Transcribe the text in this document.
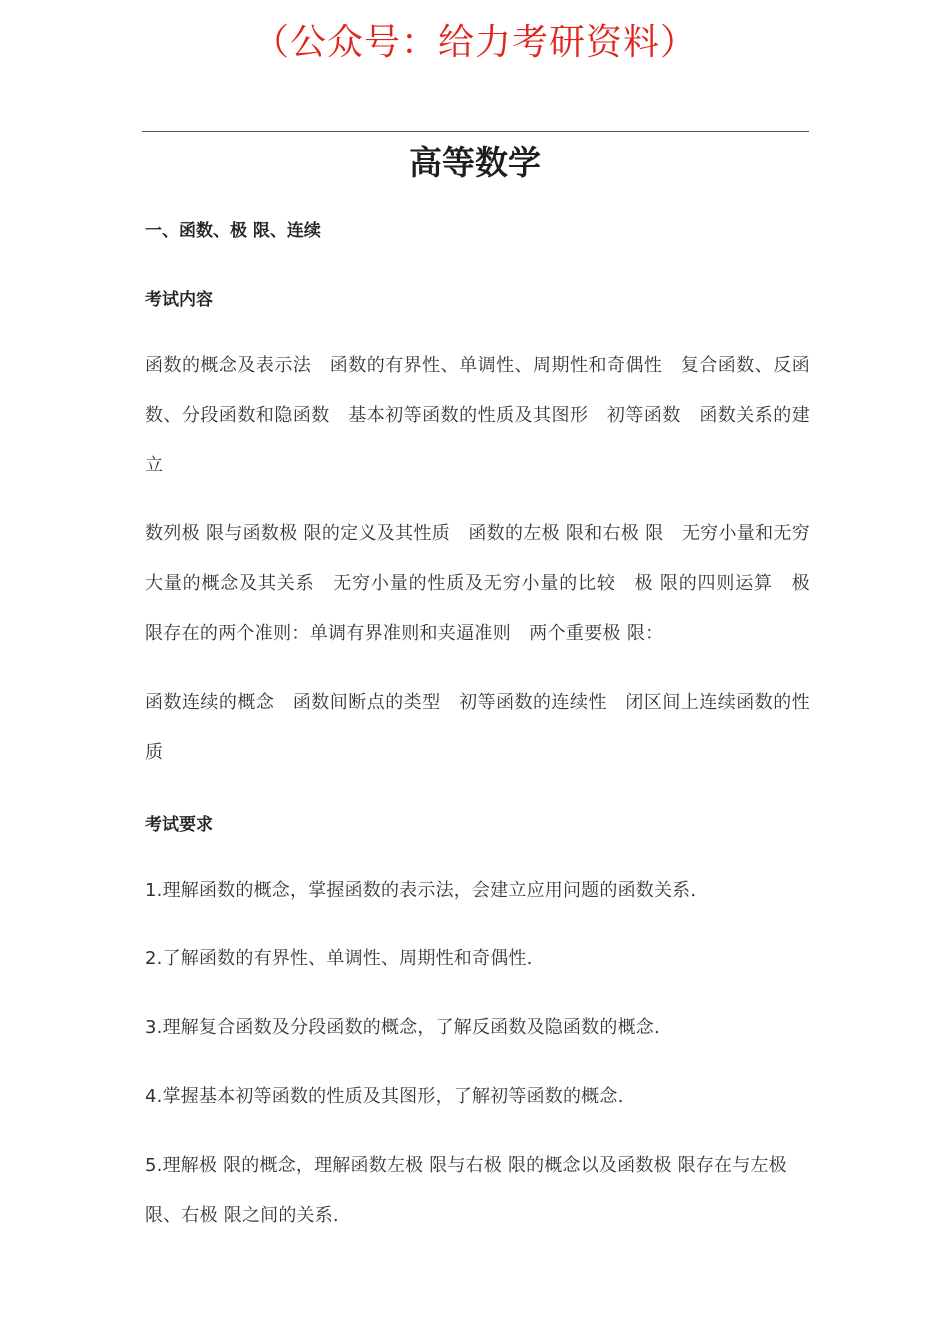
（公众号：给力考研资料）
高等数学
一、函数、极 限、连续
考试内容
函数的概念及表示法　函数的有界性、单调性、周期性和奇偶性　复合函数、反函数、分段函数和隐函数　基本初等函数的性质及其图形　初等函数　函数关系的建立
数列极 限与函数极 限的定义及其性质　函数的左极 限和右极 限　无穷小量和无穷大量的概念及其关系　无穷小量的性质及无穷小量的比较　极 限的四则运算　极 限存在的两个准则：单调有界准则和夹逼准则　两个重要极 限：
函数连续的概念　函数间断点的类型　初等函数的连续性　闭区间上连续函数的性质
考试要求
1.理解函数的概念，掌握函数的表示法，会建立应用问题的函数关系.
2.了解函数的有界性、单调性、周期性和奇偶性.
3.理解复合函数及分段函数的概念，了解反函数及隐函数的概念.
4.掌握基本初等函数的性质及其图形，了解初等函数的概念.
5.理解极 限的概念，理解函数左极 限与右极 限的概念以及函数极 限存在与左极 限、右极 限之间的关系.
